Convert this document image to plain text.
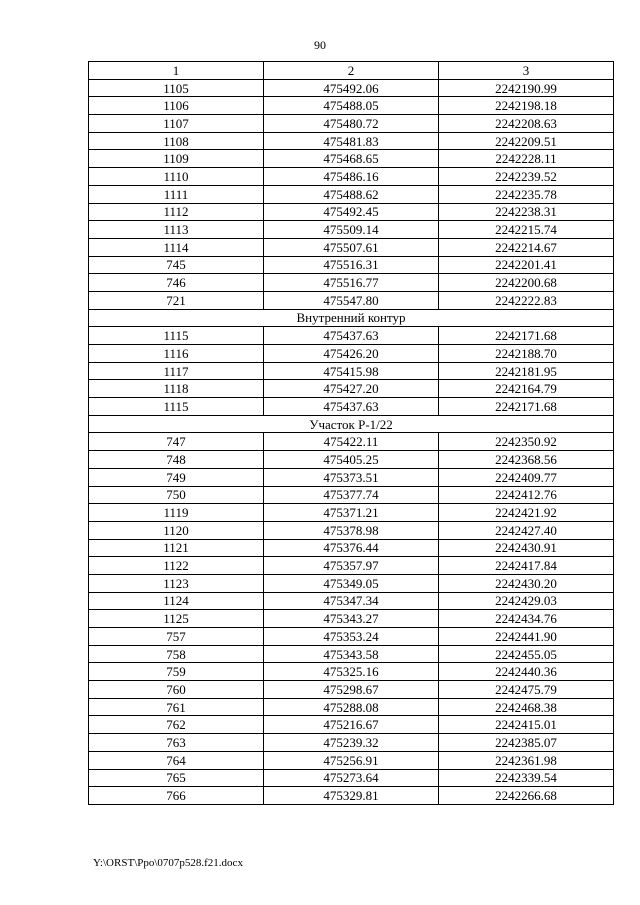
90
1	2	3
1105	475492.06	2242190.99
1106	475488.05	2242198.18
1107	475480.72	2242208.63
1108	475481.83	2242209.51
1109	475468.65	2242228.11
1110	475486.16	2242239.52
1111	475488.62	2242235.78
1112	475492.45	2242238.31
1113	475509.14	2242215.74
1114	475507.61	2242214.67
745	475516.31	2242201.41
746	475516.77	2242200.68
721	475547.80	2242222.83
Внутренний контур		
1115	475437.63	2242171.68
1116	475426.20	2242188.70
1117	475415.98	2242181.95
1118	475427.20	2242164.79
1115	475437.63	2242171.68
Участок Р-1/22		
747	475422.11	2242350.92
748	475405.25	2242368.56
749	475373.51	2242409.77
750	475377.74	2242412.76
1119	475371.21	2242421.92
1120	475378.98	2242427.40
1121	475376.44	2242430.91
1122	475357.97	2242417.84
1123	475349.05	2242430.20
1124	475347.34	2242429.03
1125	475343.27	2242434.76
757	475353.24	2242441.90
758	475343.58	2242455.05
759	475325.16	2242440.36
760	475298.67	2242475.79
761	475288.08	2242468.38
762	475216.67	2242415.01
763	475239.32	2242385.07
764	475256.91	2242361.98
765	475273.64	2242339.54
766	475329.81	2242266.68
Y:\ORST\Ppo\0707p528.f21.docx
